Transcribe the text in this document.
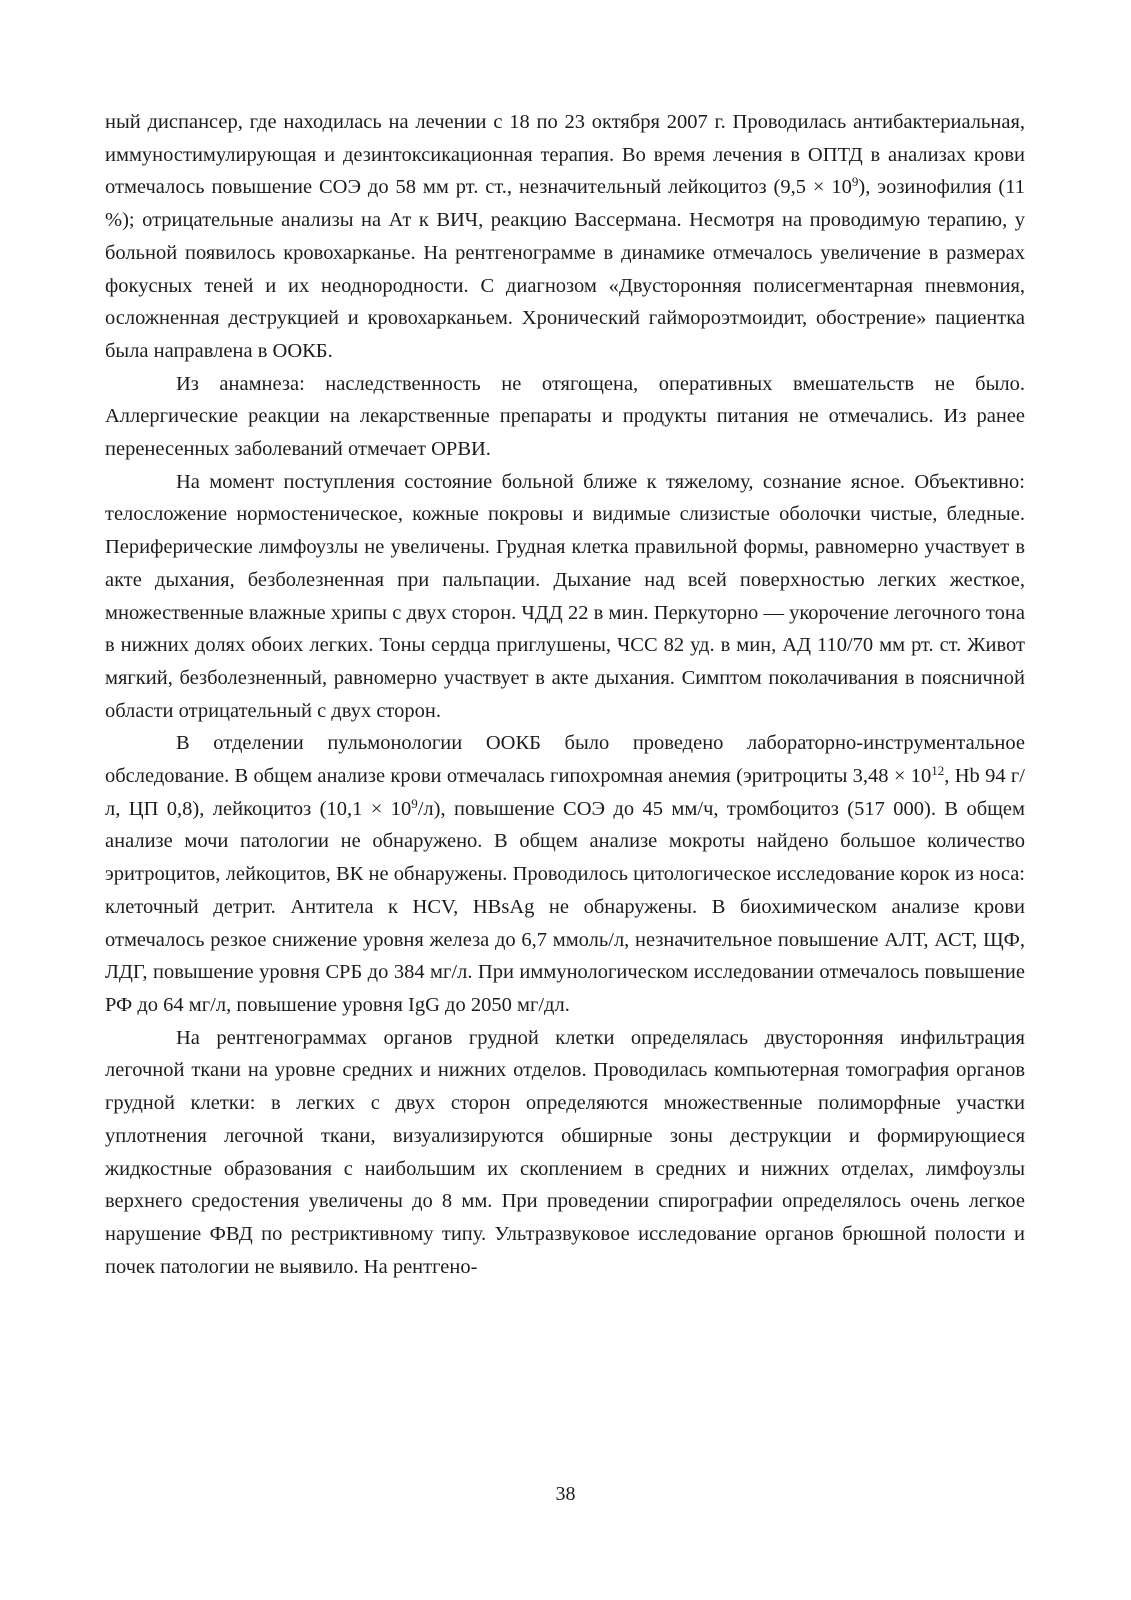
ный диспансер, где находилась на лечении с 18 по 23 октября 2007 г. Проводилась антибактериальная, иммуностимулирующая и дезинтоксикационная терапия. Во время лечения в ОПТД в анализах крови отмечалось повышение СОЭ до 58 мм рт. ст., незначительный лейкоцитоз $(9,5 \times 10^9)$, эозинофилия (11 %); отрицательные анализы на Ат к ВИЧ, реакцию Вассермана. Несмотря на проводимую терапию, у больной появилось кровохарканье. На рентгенограмме в динамике отмечалось увеличение в размерах фокусных теней и их неоднородности. С диагнозом «Двусторонняя полисегментарная пневмония, осложненная деструкцией и кровохарканьем. Хронический гаймороэтмоидит, обострение» пациентка была направлена в ООКБ.

Из анамнеза: наследственность не отягощена, оперативных вмешательств не было. Аллергические реакции на лекарственные препараты и продукты питания не отмечались. Из ранее перенесенных заболеваний отмечает ОРВИ.

На момент поступления состояние больной ближе к тяжелому, сознание ясное. Объективно: телосложение нормостеническое, кожные покровы и видимые слизистые оболочки чистые, бледные. Периферические лимфоузлы не увеличены. Грудная клетка правильной формы, равномерно участвует в акте дыхания, безболезненная при пальпации. Дыхание над всей поверхностью легких жесткое, множественные влажные хрипы с двух сторон. ЧДД 22 в мин. Перкуторно — укорочение легочного тона в нижних долях обоих легких. Тоны сердца приглушены, ЧСС 82 уд. в мин, АД 110/70 мм рт. ст. Живот мягкий, безболезненный, равномерно участвует в акте дыхания. Симптом поколачивания в поясничной области отрицательный с двух сторон.

В отделении пульмонологии ООКБ было проведено лабораторно-инструментальное обследование. В общем анализе крови отмечалась гипохромная анемия (эритроциты $3,48 \times 10^{12}$, Hb 94 г/л, ЦП 0,8), лейкоцитоз $(10,1 \times 10^9/л)$, повышение СОЭ до 45 мм/ч, тромбоцитоз (517 000). В общем анализе мочи патологии не обнаружено. В общем анализе мокроты найдено большое количество эритроцитов, лейкоцитов, ВК не обнаружены. Проводилось цитологическое исследование корок из носа: клеточный детрит. Антитела к HCV, HBsAg не обнаружены. В биохимическом анализе крови отмечалось резкое снижение уровня железа до 6,7 ммоль/л, незначительное повышение АЛТ, АСТ, ЩФ, ЛДГ, повышение уровня СРБ до 384 мг/л. При иммунологическом исследовании отмечалось повышение РФ до 64 мг/л, повышение уровня IgG до 2050 мг/дл.

На рентгенограммах органов грудной клетки определялась двусторонняя инфильтрация легочной ткани на уровне средних и нижних отделов. Проводилась компьютерная томография органов грудной клетки: в легких с двух сторон определяются множественные полиморфные участки уплотнения легочной ткани, визуализируются обширные зоны деструкции и формирующиеся жидкостные образования с наибольшим их скоплением в средних и нижних отделах, лимфоузлы верхнего средостения увеличены до 8 мм. При проведении спирографии определялось очень легкое нарушение ФВД по рестриктивному типу. Ультразвуковое исследование органов брюшной полости и почек патологии не выявило. На рентгено-

38
